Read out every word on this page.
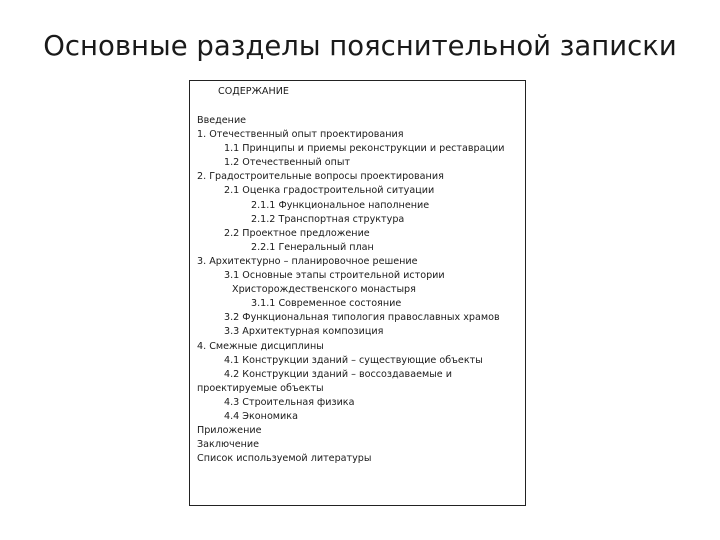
Основные разделы пояснительной записки
СОДЕРЖАНИЕ
Введение
1. Отечественный опыт проектирования
1.1 Принципы и приемы реконструкции и реставрации
1.2 Отечественный опыт
2. Градостроительные вопросы проектирования
2.1 Оценка градостроительной ситуации
2.1.1 Функциональное наполнение
2.1.2 Транспортная структура
2.2 Проектное предложение
2.2.1 Генеральный план
3. Архитектурно – планировочное решение
3.1 Основные этапы строительной истории
Христорождественского монастыря
3.1.1 Современное состояние
3.2 Функциональная типология православных храмов
3.3 Архитектурная композиция
4. Смежные дисциплины
4.1 Конструкции зданий – существующие объекты
4.2 Конструкции зданий – воссоздаваемые и
проектируемые объекты
4.3 Строительная физика
4.4 Экономика
Приложение
Заключение
Список используемой литературы
